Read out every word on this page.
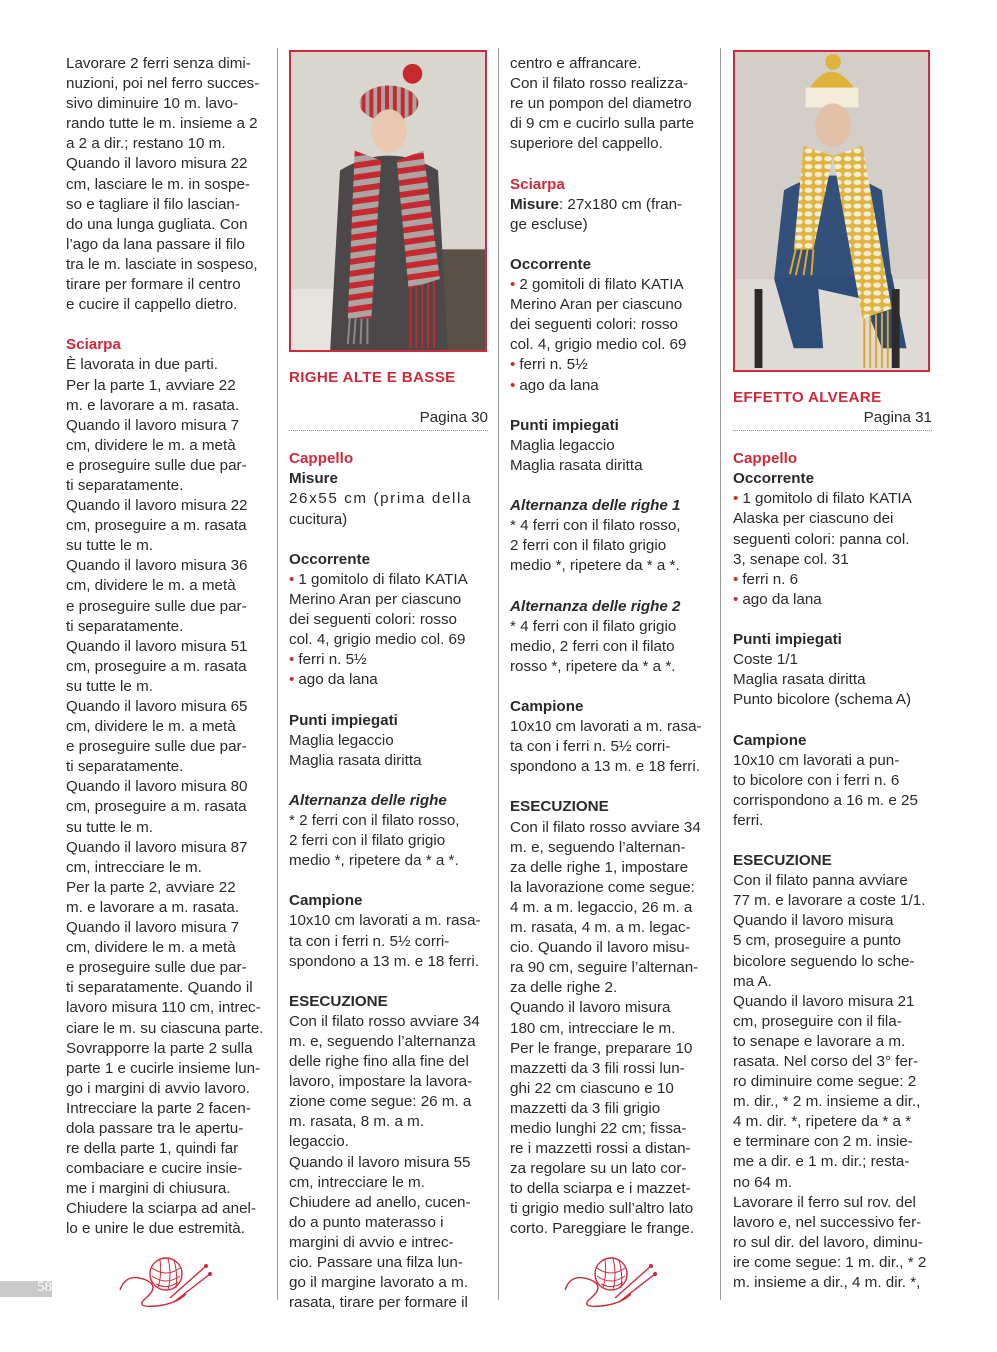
Lavorare 2 ferri senza dimi-

nuzioni, poi nel ferro succes-

sivo diminuire 10 m. lavo-

rando tutte le m. insieme a 2

a 2 a dir.; restano 10 m.

Quando il lavoro misura 22

cm, lasciare le m. in sospe-

so e tagliare il filo lascian-

do una lunga gugliata. Con

l’ago da lana passare il filo

tra le m. lasciate in sospeso,

tirare per formare il centro

e cucire il cappello dietro.

Sciarpa

È lavorata in due parti.

Per la parte 1, avviare 22

m. e lavorare a m. rasata.

Quando il lavoro misura 7

cm, dividere le m. a metà

e proseguire sulle due par-

ti separatamente.

Quando il lavoro misura 22

cm, proseguire a m. rasata

su tutte le m.

Quando il lavoro misura 36

cm, dividere le m. a metà

e proseguire sulle due par-

ti separatamente.

Quando il lavoro misura 51

cm, proseguire a m. rasata

su tutte le m.

Quando il lavoro misura 65

cm, dividere le m. a metà

e proseguire sulle due par-

ti separatamente.

Quando il lavoro misura 80

cm, proseguire a m. rasata

su tutte le m.

Quando il lavoro misura 87

cm, intrecciare le m.

Per la parte 2, avviare 22

m. e lavorare a m. rasata.

Quando il lavoro misura 7

cm, dividere le m. a metà

e proseguire sulle due par-

ti separatamente. Quando il

lavoro misura 110 cm, intrec-

ciare le m. su ciascuna parte.

Sovrapporre la parte 2 sulla

parte 1 e cucirle insieme lun-

go i margini di avvio lavoro.

Intrecciare la parte 2 facen-

dola passare tra le apertu-

re della parte 1, quindi far

combaciare e cucire insie-

me i margini di chiusura.

Chiudere la sciarpa ad anel-

lo e unire le due estremità.

RIGHE ALTE E BASSE

Pagina 30

Cappello

Misure

26x55 cm (prima della

cucitura)

Occorrente

• 1 gomitolo di filato KATIA

Merino Aran per ciascuno

dei seguenti colori: rosso

col. 4, grigio medio col. 69

• ferri n. 5½

• ago da lana

Punti impiegati

Maglia legaccio

Maglia rasata diritta

Alternanza delle righe

* 2 ferri con il filato rosso,

2 ferri con il filato grigio

medio *, ripetere da * a *.

Campione

10x10 cm lavorati a m. rasa-

ta con i ferri n. 5½ corri-

spondono a 13 m. e 18 ferri.

ESECUZIONE

Con il filato rosso avviare 34

m. e, seguendo l’alternanza

delle righe fino alla fine del

lavoro, impostare la lavora-

zione come segue: 26 m. a

m. rasata, 8 m. a m. legaccio.

Quando il lavoro misura 55

cm, intrecciare le m.

Chiudere ad anello, cucen-

do a punto materasso i

margini di avvio e intrec-

cio. Passare una filza lun-

go il margine lavorato a m.

rasata, tirare per formare il

centro e affrancare.

Con il filato rosso realizza-

re un pompon del diametro

di 9 cm e cucirlo sulla parte

superiore del cappello.

Sciarpa

Misure: 27x180 cm (fran-

ge escluse)

Occorrente

• 2 gomitoli di filato KATIA

Merino Aran per ciascuno

dei seguenti colori: rosso

col. 4, grigio medio col. 69

• ferri n. 5½

• ago da lana

Punti impiegati

Maglia legaccio

Maglia rasata diritta

Alternanza delle righe 1

* 4 ferri con il filato rosso,

2 ferri con il filato grigio

medio *, ripetere da * a *.

Alternanza delle righe 2

* 4 ferri con il filato grigio

medio, 2 ferri con il filato

rosso *, ripetere da * a *.

Campione

10x10 cm lavorati a m. rasa-

ta con i ferri n. 5½ corri-

spondono a 13 m. e 18 ferri.

ESECUZIONE

Con il filato rosso avviare 34

m. e, seguendo l’alternan-

za delle righe 1, impostare

la lavorazione come segue:

4 m. a m. legaccio, 26 m. a

m. rasata, 4 m. a m. legac-

cio. Quando il lavoro misu-

ra 90 cm, seguire l’alternan-

za delle righe 2.

Quando il lavoro misura

180 cm, intrecciare le m.

Per le frange, preparare 10

mazzetti da 3 fili rossi lun-

ghi 22 cm ciascuno e 10

mazzetti da 3 fili grigio

medio lunghi 22 cm; fissa-

re i mazzetti rossi a distan-

za regolare su un lato cor-

to della sciarpa e i mazzet-

ti grigio medio sull’altro lato

corto. Pareggiare le frange.

EFFETTO ALVEARE

Pagina 31

Cappello

Occorrente

• 1 gomitolo di filato KATIA

Alaska per ciascuno dei

seguenti colori: panna col.

3, senape col. 31

• ferri n. 6

• ago da lana

Punti impiegati

Coste 1/1

Maglia rasata diritta

Punto bicolore (schema A)

Campione

10x10 cm lavorati a pun-

to bicolore con i ferri n. 6

corrispondono a 16 m. e 25

ferri.

ESECUZIONE

Con il filato panna avviare

77 m. e lavorare a coste 1/1.

Quando il lavoro misura

5 cm, proseguire a punto

bicolore seguendo lo sche-

ma A.

Quando il lavoro misura 21

cm, proseguire con il fila-

to senape e lavorare a m.

rasata. Nel corso del 3° fer-

ro diminuire come segue: 2

m. dir., * 2 m. insieme a dir.,

4 m. dir. *, ripetere da * a *

e terminare con 2 m. insie-

me a dir. e 1 m. dir.; resta-

no 64 m.

Lavorare il ferro sul rov. del

lavoro e, nel successivo fer-

ro sul dir. del lavoro, diminu-

ire come segue: 1 m. dir., * 2

m. insieme a dir., 4 m. dir. *,

58
